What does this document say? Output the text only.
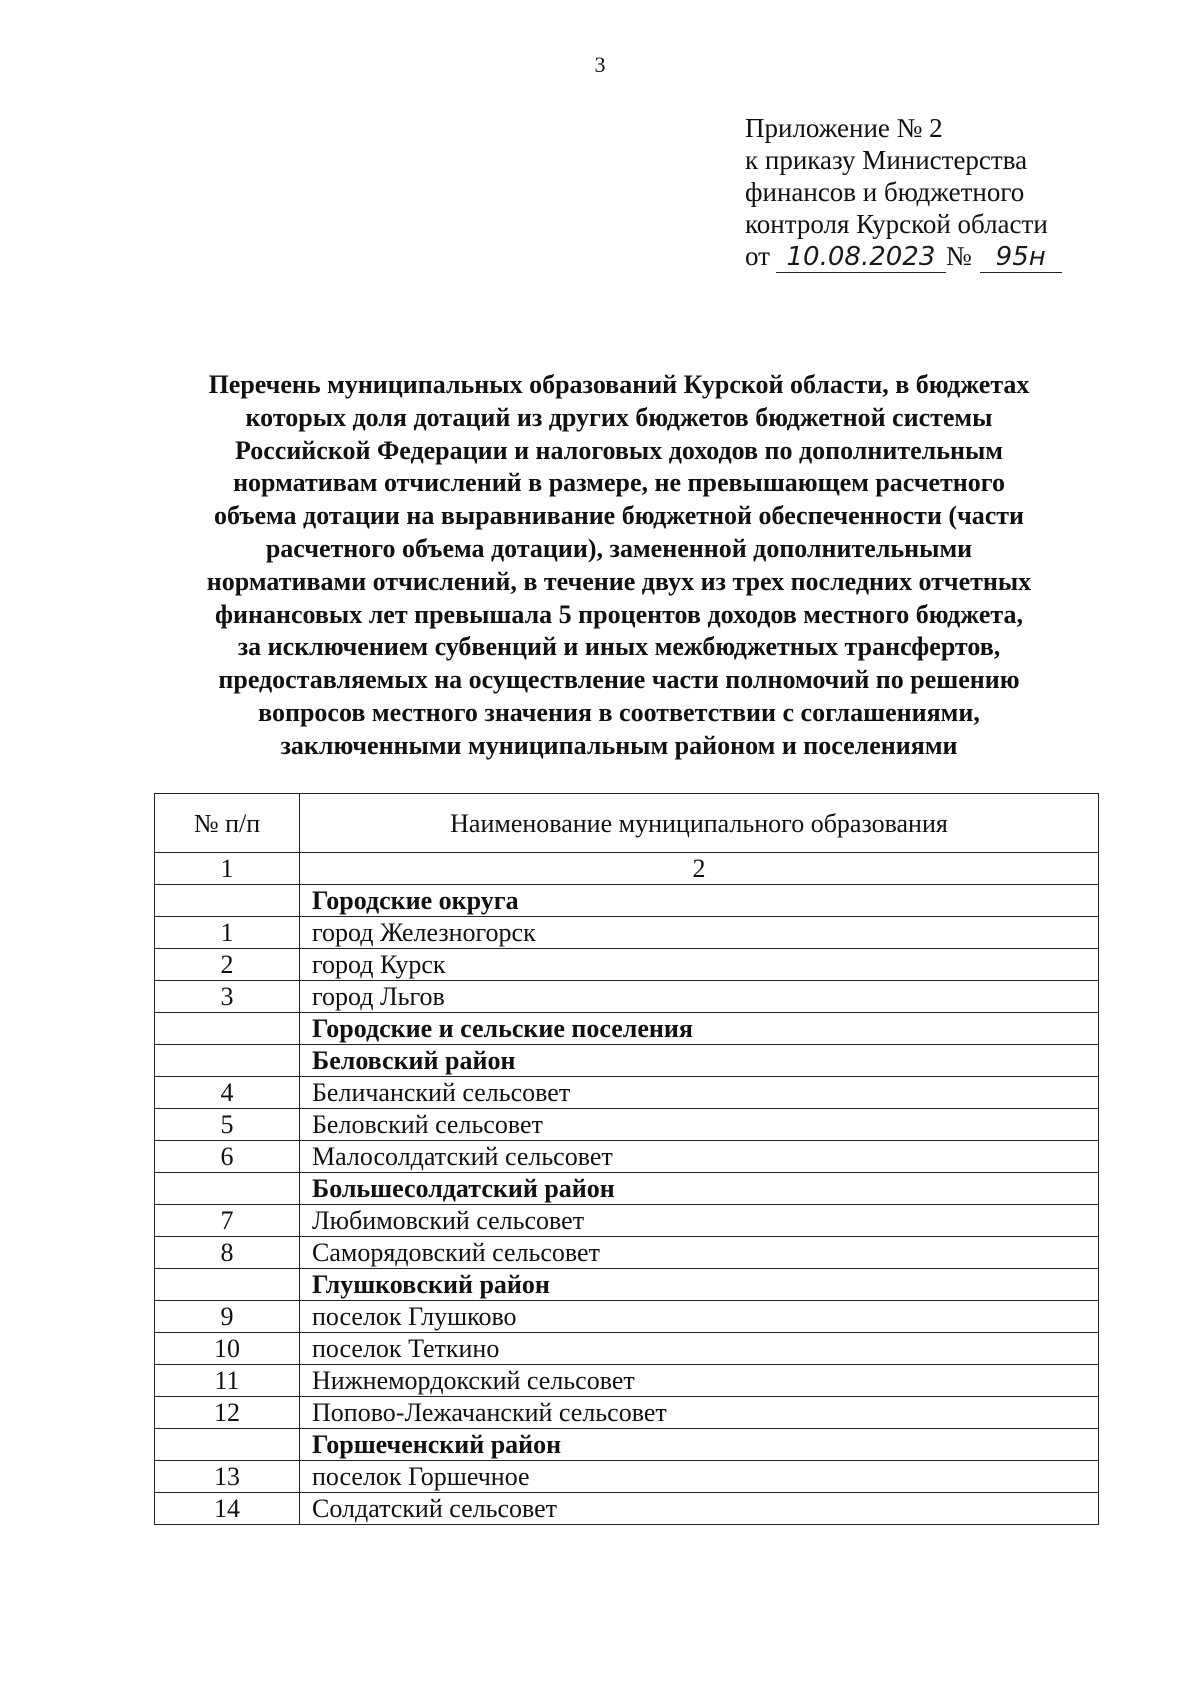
3
Приложение № 2
к приказу Министерства
финансов и бюджетного
контроля Курской области
от 10.08.2023 № 95н
Перечень муниципальных образований Курской области, в бюджетах
которых доля дотаций из других бюджетов бюджетной системы
Российской Федерации и налоговых доходов по дополнительным
нормативам отчислений в размере, не превышающем расчетного
объема дотации на выравнивание бюджетной обеспеченности (части
расчетного объема дотации), замененной дополнительными
нормативами отчислений, в течение двух из трех последних отчетных
финансовых лет превышала 5 процентов доходов местного бюджета,
за исключением субвенций и иных межбюджетных трансфертов,
предоставляемых на осуществление части полномочий по решению
вопросов местного значения в соответствии с соглашениями,
заключенными муниципальным районом и поселениями
№ п/п	Наименование муниципального образования
1	2
	Городские округа
1	город Железногорск
2	город Курск
3	город Льгов
	Городские и сельские поселения
	Беловский район
4	Беличанский сельсовет
5	Беловский сельсовет
6	Малосолдатский сельсовет
	Большесолдатский район
7	Любимовский сельсовет
8	Саморядовский сельсовет
	Глушковский район
9	поселок Глушково
10	поселок Теткино
11	Нижнемордокский сельсовет
12	Попово-Лежачанский сельсовет
	Горшеченский район
13	поселок Горшечное
14	Солдатский сельсовет
